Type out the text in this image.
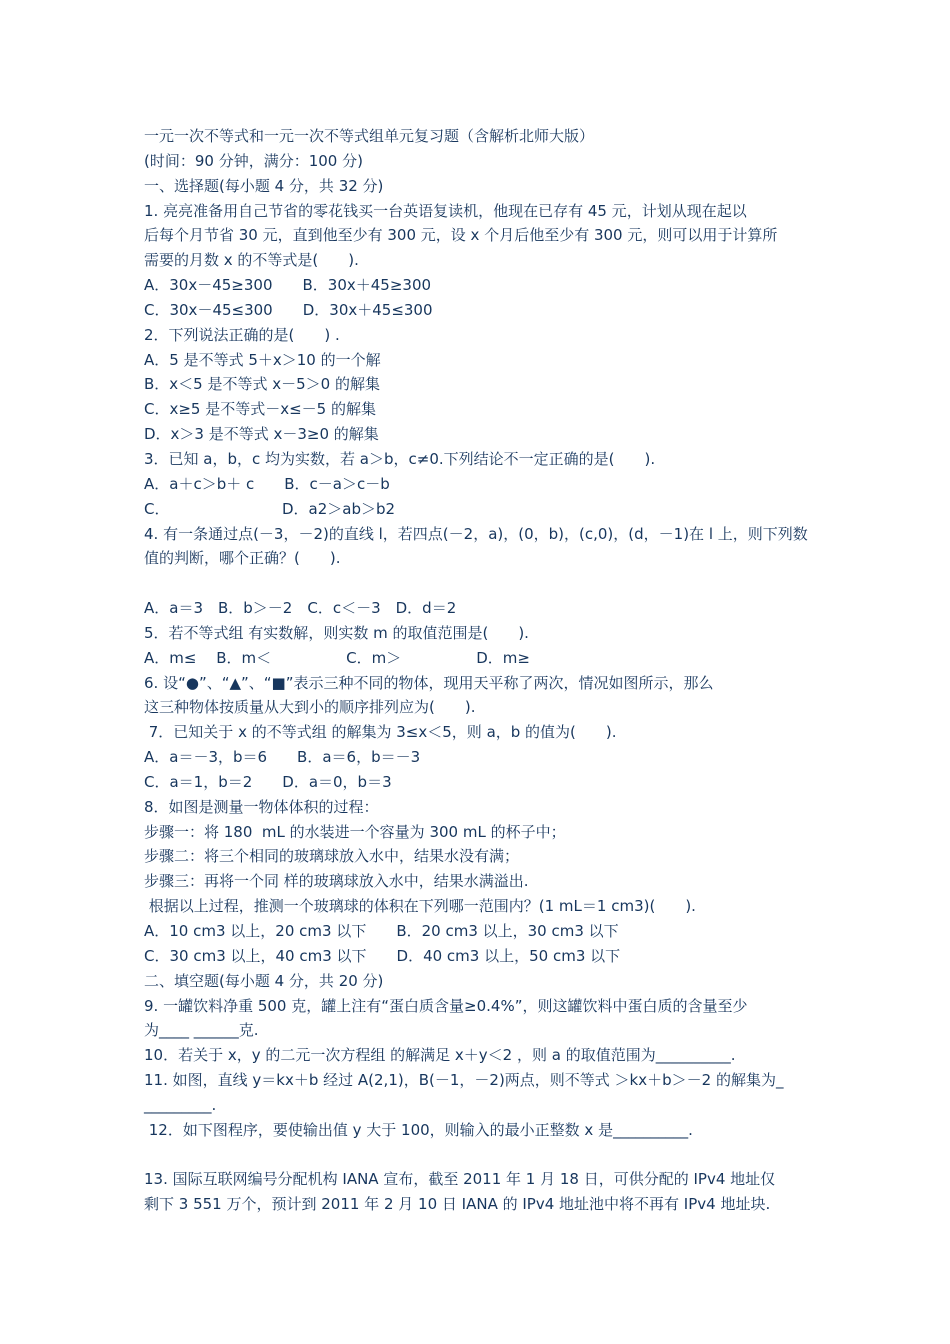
一元一次不等式和一元一次不等式组单元复习题（含解析北师大版）
(时间：90 分钟，满分：100 分)
一、选择题(每小题 4 分，共 32 分)
1. 亮亮准备用自己节省的零花钱买一台英语复读机，他现在已存有 45 元，计划从现在起以
后每个月节省 30 元，直到他至少有 300 元，设 x 个月后他至少有 300 元，则可以用于计算所
需要的月数 x 的不等式是(　　).
A．30x－45≥300　　B．30x＋45≥300
C．30x－45≤300　　D．30x＋45≤300
2．下列说法正确的是(　　) .
A．5 是不等式 5＋x＞10 的一个解
B．x＜5 是不等式 x－5＞0 的解集
C．x≥5 是不等式－x≤－5 的解集
D．x＞3 是不等式 x－3≥0 的解集
3．已知 a，b，c 均为实数，若 a＞b，c≠0.下列结论不一定正确的是(　　).
A．a＋c＞b＋ c　　B．c－a＞c－b
C．　　　　　　　　D．a2＞ab＞b2
4. 有一条通过点(－3，－2)的直线 l，若四点(－2，a)，(0，b)，(c,0)，(d，－1)在 l 上，则下列数
值的判断，哪个正确？(　　).
A．a＝3　B．b＞－2　C．c＜－3　D．d＝2
5．若不等式组 有实数解，则实数 m 的取值范围是(　　).
A．m≤　 B．m＜　　　　　C．m＞　　　　　D．m≥
6. 设“●”、“▲”、“■”表示三种不同的物体，现用天平称了两次，情况如图所示，那么
这三种物体按质量从大到小的顺序排列应为(　　).
7．已知关于 x 的不等式组 的解集为 3≤x＜5，则 a，b 的值为(　　).
A．a＝－3，b＝6　　B．a＝6，b＝－3
C．a＝1，b＝2　　D．a＝0，b＝3
8．如图是测量一物体体积的过程：
步骤一：将 180  mL 的水装进一个容量为 300 mL 的杯子中；
步骤二：将三个相同的玻璃球放入水中，结果水没有满；
步骤三：再将一个同 样的玻璃球放入水中，结果水满溢出.
根据以上过程，推测一个玻璃球的体积在下列哪一范围内？(1 mL＝1 cm3)(　　).
A．10 cm3 以上，20 cm3 以下　　B．20 cm3 以上，30 cm3 以下
C．30 cm3 以上，40 cm3 以下　　D．40 cm3 以上，50 cm3 以下
二、填空题(每小题 4 分，共 20 分)
9. 一罐饮料净重 500 克，罐上注有“蛋白质含量≥0.4%”，则这罐饮料中蛋白质的含量至少
为____ ______克.
10．若关于 x，y 的二元一次方程组 的解满足 x＋y＜2 ，则 a 的取值范围为__________.
11. 如图，直线 y＝kx＋b 经过 A(2,1)，B(－1，－2)两点，则不等式 ＞kx＋b＞－2 的解集为_
_________.
12．如下图程序，要使输出值 y 大于 100，则输入的最小正整数 x 是__________.
13. 国际互联网编号分配机构 IANA 宣布，截至 2011 年 1 月 18 日，可供分配的 IPv4 地址仅
剩下 3 551 万个，预计到 2011 年 2 月 10 日 IANA 的 IPv4 地址池中将不再有 IPv4 地址块.
